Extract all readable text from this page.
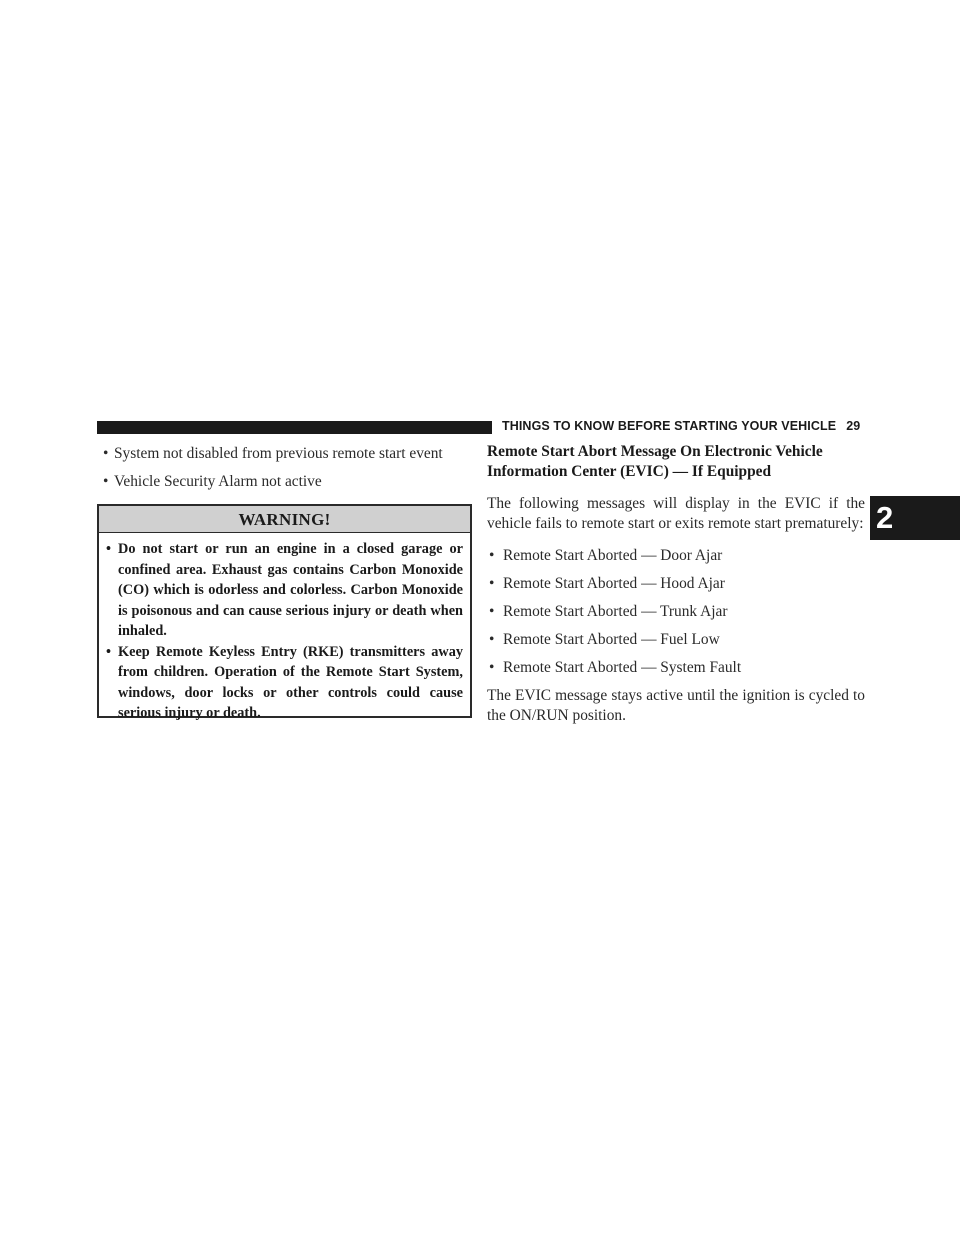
THINGS TO KNOW BEFORE STARTING YOUR VEHICLE 29
2
• System not disabled from previous remote start event
• Vehicle Security Alarm not active
WARNING!
• Do not start or run an engine in a closed garage or confined area. Exhaust gas contains Carbon Monoxide (CO) which is odorless and colorless. Carbon Monoxide is poisonous and can cause serious injury or death when inhaled.
• Keep Remote Keyless Entry (RKE) transmitters away from children. Operation of the Remote Start System, windows, door locks or other controls could cause serious injury or death.
Remote Start Abort Message On Electronic Vehicle
Information Center (EVIC) — If Equipped
The following messages will display in the EVIC if the vehicle fails to remote start or exits remote start prematurely:
• Remote Start Aborted — Door Ajar
• Remote Start Aborted — Hood Ajar
• Remote Start Aborted — Trunk Ajar
• Remote Start Aborted — Fuel Low
• Remote Start Aborted — System Fault
The EVIC message stays active until the ignition is cycled to the ON/RUN position.
